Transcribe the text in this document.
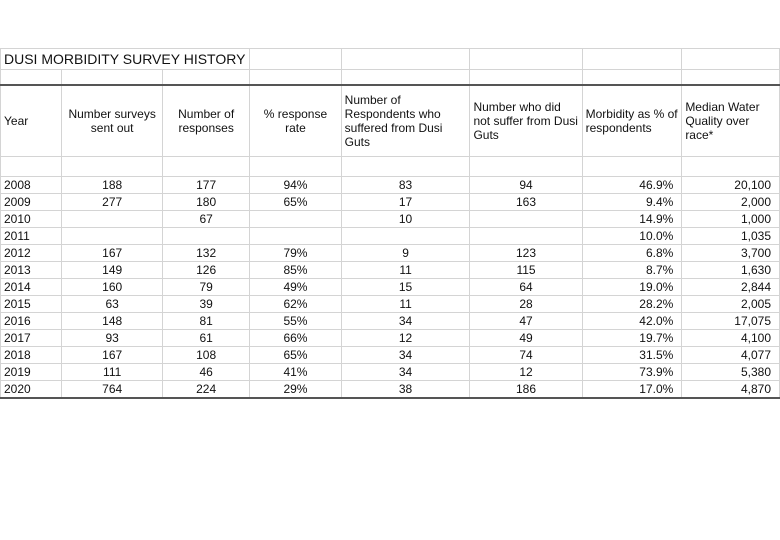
DUSI MORBIDITY SURVEY HISTORY							

Year	Number surveys sent out	Number of responses	% response rate	Number of Respondents who suffered from Dusi Guts	Number who did not suffer from Dusi Guts	Morbidity as % of respondents	Median Water Quality over race*

2008	188	177	94%	83	94	46.9%	20,100
2009	277	180	65%	17	163	9.4%	2,000
2010		67		10		14.9%	1,000
2011						10.0%	1,035
2012	167	132	79%	9	123	6.8%	3,700
2013	149	126	85%	11	115	8.7%	1,630
2014	160	79	49%	15	64	19.0%	2,844
2015	63	39	62%	11	28	28.2%	2,005
2016	148	81	55%	34	47	42.0%	17,075
2017	93	61	66%	12	49	19.7%	4,100
2018	167	108	65%	34	74	31.5%	4,077
2019	111	46	41%	34	12	73.9%	5,380
2020	764	224	29%	38	186	17.0%	4,870
